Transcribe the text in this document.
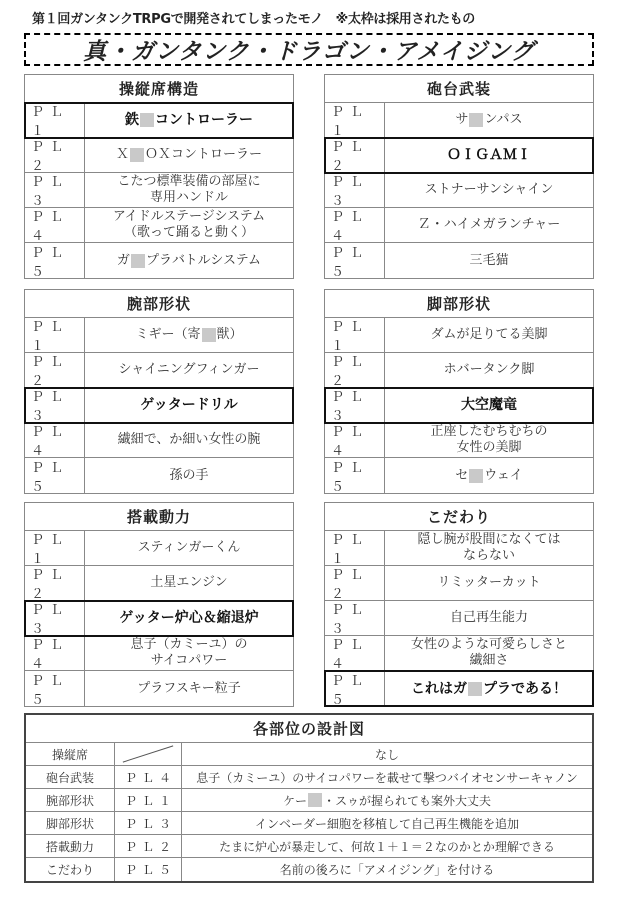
第１回ガンタンクTRPGで開発されてしまったモノ　※太枠は採用されたもの
真・ガンタンク・ドラゴン・アメイジング
操縦席構造
ＰＬ１
鉄 コントローラー
ＰＬ２
Ｘ ＯＸコントローラー
ＰＬ３
こたつ標準装備の部屋に
専用ハンドル
ＰＬ４
アイドルステージシステム
（歌って踊ると動く）
ＰＬ５
ガ プラバトルシステム
砲台武装
ＰＬ１
サ ンパス
ＰＬ２
ＯＩＧＡＭＩ
ＰＬ３
ストナーサンシャイン
ＰＬ４
Ｚ・ハイメガランチャー
ＰＬ５
三毛猫
腕部形状
ＰＬ１
ミギー（寄 獣）
ＰＬ２
シャイニングフィンガー
ＰＬ３
ゲッタードリル
ＰＬ４
繊細で、か細い女性の腕
ＰＬ５
孫の手
脚部形状
ＰＬ１
ダムが足りてる美脚
ＰＬ２
ホバータンク脚
ＰＬ３
大空魔竜
ＰＬ４
正座したむちむちの
女性の美脚
ＰＬ５
セ ウェイ
搭載動力
ＰＬ１
スティンガーくん
ＰＬ２
土星エンジン
ＰＬ３
ゲッター炉心＆縮退炉
ＰＬ４
息子（カミーユ）の
サイコパワー
ＰＬ５
プラフスキー粒子
こだわり
ＰＬ１
隠し腕が股間になくては
ならない
ＰＬ２
リミッターカット
ＰＬ３
自己再生能力
ＰＬ４
女性のような可愛らしさと
繊細さ
ＰＬ５
これはガ プラである！
各部位の設計図
操縦席	なし
砲台武装	ＰＬ４	息子（カミーユ）のサイコパワーを載せて撃つバイオセンサーキャノン
腕部形状	ＰＬ１	ケー ・スゥが握られても案外大丈夫
脚部形状	ＰＬ３	インベーダー細胞を移植して自己再生機能を追加
搭載動力	ＰＬ２	たまに炉心が暴走して、何故１＋１＝２なのかとか理解できる
こだわり	ＰＬ５	名前の後ろに「アメイジング」を付ける
